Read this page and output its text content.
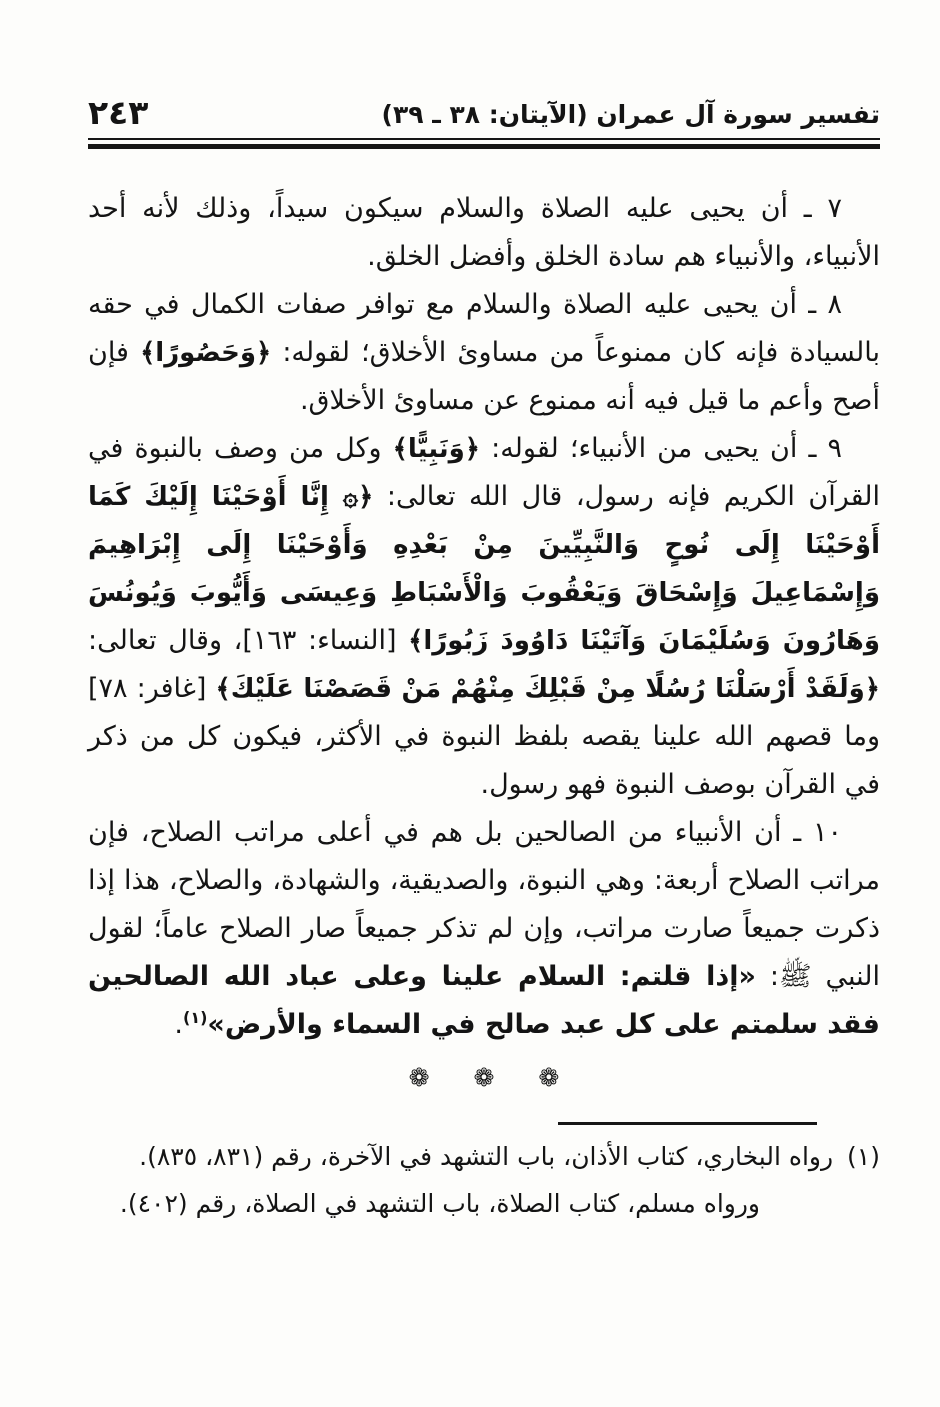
تفسير سورة آل عمران (الآيتان: ٣٨ ـ ٣٩)
٢٤٣

٧ ـ أن يحيى عليه الصلاة والسلام سيكون سيداً، وذلك لأنه أحد الأنبياء، والأنبياء هم سادة الخلق وأفضل الخلق.

٨ ـ أن يحيى عليه الصلاة والسلام مع توافر صفات الكمال في حقه بالسيادة فإنه كان ممنوعاً من مساوئ الأخلاق؛ لقوله: ﴿وَحَصُورًا﴾ فإن أصح وأعم ما قيل فيه أنه ممنوع عن مساوئ الأخلاق.

٩ ـ أن يحيى من الأنبياء؛ لقوله: ﴿وَنَبِيًّا﴾ وكل من وصف بالنبوة في القرآن الكريم فإنه رسول، قال الله تعالى: ﴿۞ إِنَّا أَوْحَيْنَا إِلَيْكَ كَمَا أَوْحَيْنَا إِلَى نُوحٍ وَالنَّبِيِّينَ مِنْ بَعْدِهِ وَأَوْحَيْنَا إِلَى إِبْرَاهِيمَ وَإِسْمَاعِيلَ وَإِسْحَاقَ وَيَعْقُوبَ وَالْأَسْبَاطِ وَعِيسَى وَأَيُّوبَ وَيُونُسَ وَهَارُونَ وَسُلَيْمَانَ وَآتَيْنَا دَاوُودَ زَبُورًا﴾ [النساء: ١٦٣]، وقال تعالى: ﴿وَلَقَدْ أَرْسَلْنَا رُسُلًا مِنْ قَبْلِكَ مِنْهُمْ مَنْ قَصَصْنَا عَلَيْكَ﴾ [غافر: ٧٨] وما قصهم الله علينا يقصه بلفظ النبوة في الأكثر، فيكون كل من ذكر في القرآن بوصف النبوة فهو رسول.

١٠ ـ أن الأنبياء من الصالحين بل هم في أعلى مراتب الصلاح، فإن مراتب الصلاح أربعة: وهي النبوة، والصديقية، والشهادة، والصلاح، هذا إذا ذكرت جميعاً صارت مراتب، وإن لم تذكر جميعاً صار الصلاح عاماً؛ لقول النبي ﷺ: «إذا قلتم: السلام علينا وعلى عباد الله الصالحين فقد سلمتم على كل عبد صالح في السماء والأرض»$^{(١)}$.

❁ ❁ ❁
(١)رواه البخاري، كتاب الأذان، باب التشهد في الآخرة، رقم (٨٣١، ٨٣٥).
ورواه مسلم، كتاب الصلاة، باب التشهد في الصلاة، رقم (٤٠٢).
